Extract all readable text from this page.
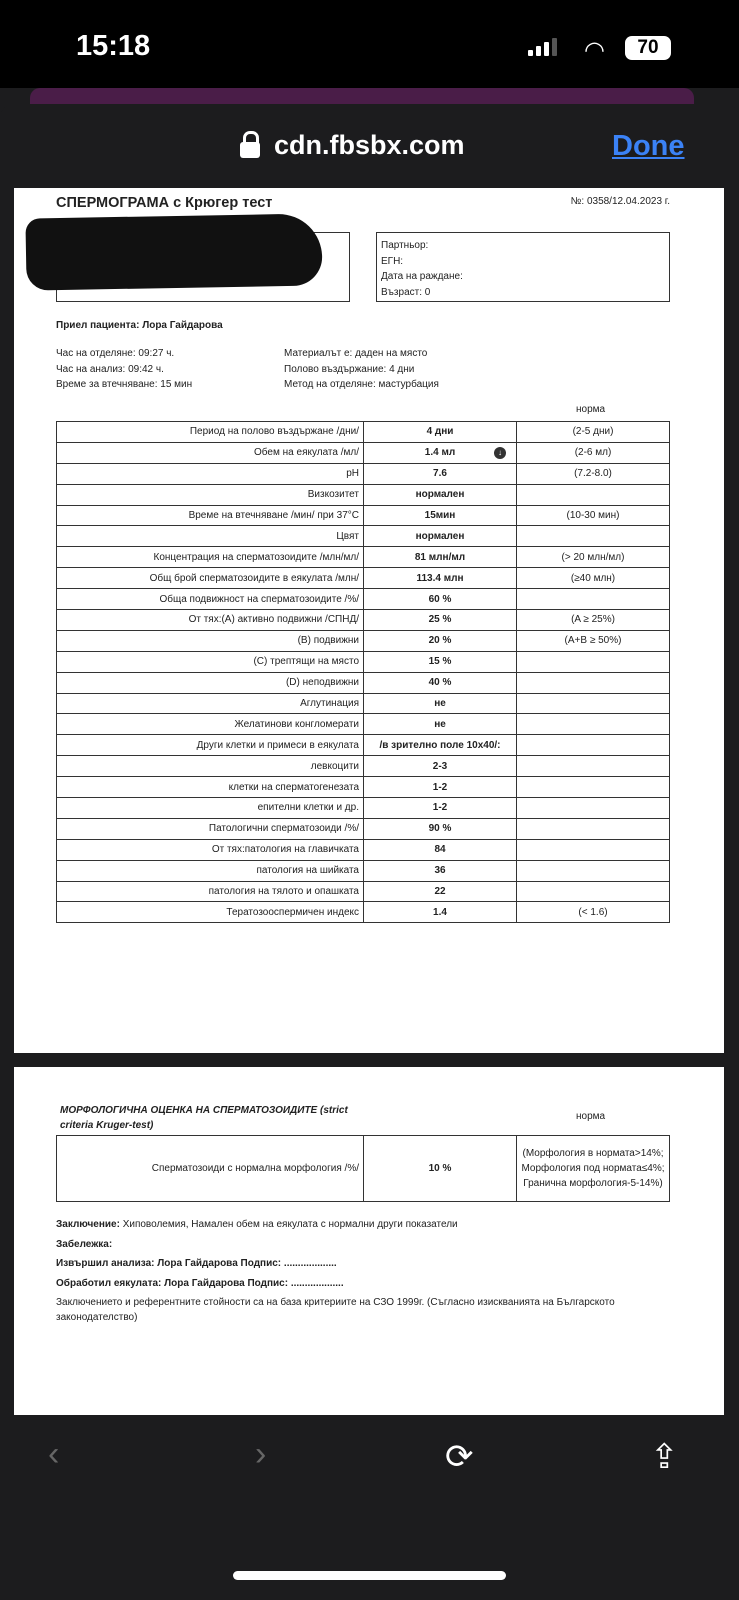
15:18	◠	70
cdn.fbsbx.com	Done
СПЕРМОГРАМА с Крюгер тест	№: 0358/12.04.2023 г.
Партньор:
ЕГН:
Дата на раждане:
Възраст: 0
Приел пациента: Лора Гайдарова
Час на отделяне: 09:27 ч.
Час на анализ: 09:42 ч.
Време за втечняване: 15 мин
Материалът е: даден на място
Полово въздържание: 4 дни
Метод на отделяне: мастурбация
норма
Период на полово въздържане /дни/	4 дни	(2-5 дни)
Обем на еякулата /мл/	1.4 мл ↓	(2-6 мл)
pH	7.6	(7.2-8.0)
Визкозитет	нормален	
Време на втечняване /мин/ при 37°C	15мин	(10-30 мин)
Цвят	нормален	
Концентрация на сперматозоидите /млн/мл/	81 млн/мл	(> 20 млн/мл)
Общ брой сперматозоидите в еякулата /млн/	113.4 млн	(≥40 млн)
Обща подвижност на сперматозоидите /%/	60 %	
От тях:(A) активно подвижни /СПНД/	25 %	(A ≥ 25%)
(B) подвижни	20 %	(A+B ≥ 50%)
(C) трептящи на място	15 %	
(D) неподвижни	40 %	
Аглутинация	не	
Желатинови конгломерати	не	
Други клетки и примеси в еякулата	/в зрително поле 10x40/:	
левкоцити	2-3	
клетки на сперматогенезата	1-2	
епителни клетки и др.	1-2	
Патологични сперматозоиди /%/	90 %	
От тях:патология на главичката	84	
патология на шийката	36	
патология на тялото и опашката	22	
Тератозооспермичен индекс	1.4	(< 1.6)
МОРФОЛОГИЧНА ОЦЕНКА НА СПЕРМАТОЗОИДИТЕ (strict criteria Kruger-test)
норма
Сперматозоиди с нормална морфология /%/	10 %	(Морфология в нормата>14%; Морфология под нормата≤4%; Гранична морфология-5-14%)
Заключение: Хиповолемия, Намален обем на еякулата с нормални други показатели
Забележка:
Извършил анализа: Лора Гайдарова Подпис: ...................
Обработил еякулата: Лора Гайдарова Подпис: ...................
Заключението и референтните стойности са на база критериите на СЗО 1999г. (Съгласно изискванията на Българското законодателство)
‹	›	⟳	⇪
